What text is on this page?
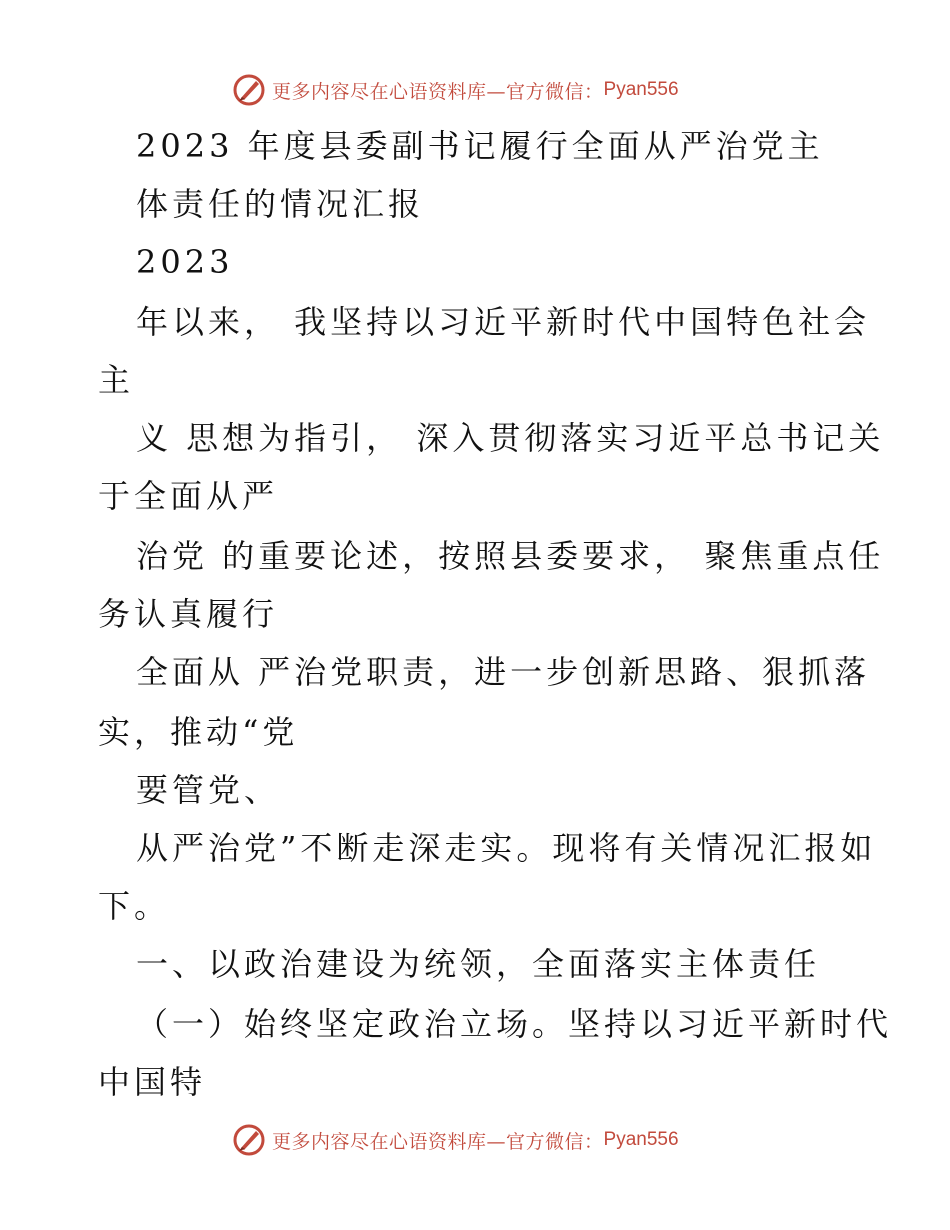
更多内容尽在心语资料库—官方微信： Pyan556

2023 年度县委副书记履行全面从严治党主

体责任的情况汇报

2023

年以来， 我坚持以习近平新时代中国特色社会

主

义 思想为指引， 深入贯彻落实习近平总书记关

于全面从严

治党 的重要论述，按照县委要求， 聚焦重点任

务认真履行

全面从 严治党职责，进一步创新思路、狠抓落

实，推动“党

要管党、

从严治党”不断走深走实。现将有关情况汇报如

下。

一、以政治建设为统领，全面落实主体责任

（一）始终坚定政治立场。坚持以习近平新时代

中国特

更多内容尽在心语资料库—官方微信： Pyan556
